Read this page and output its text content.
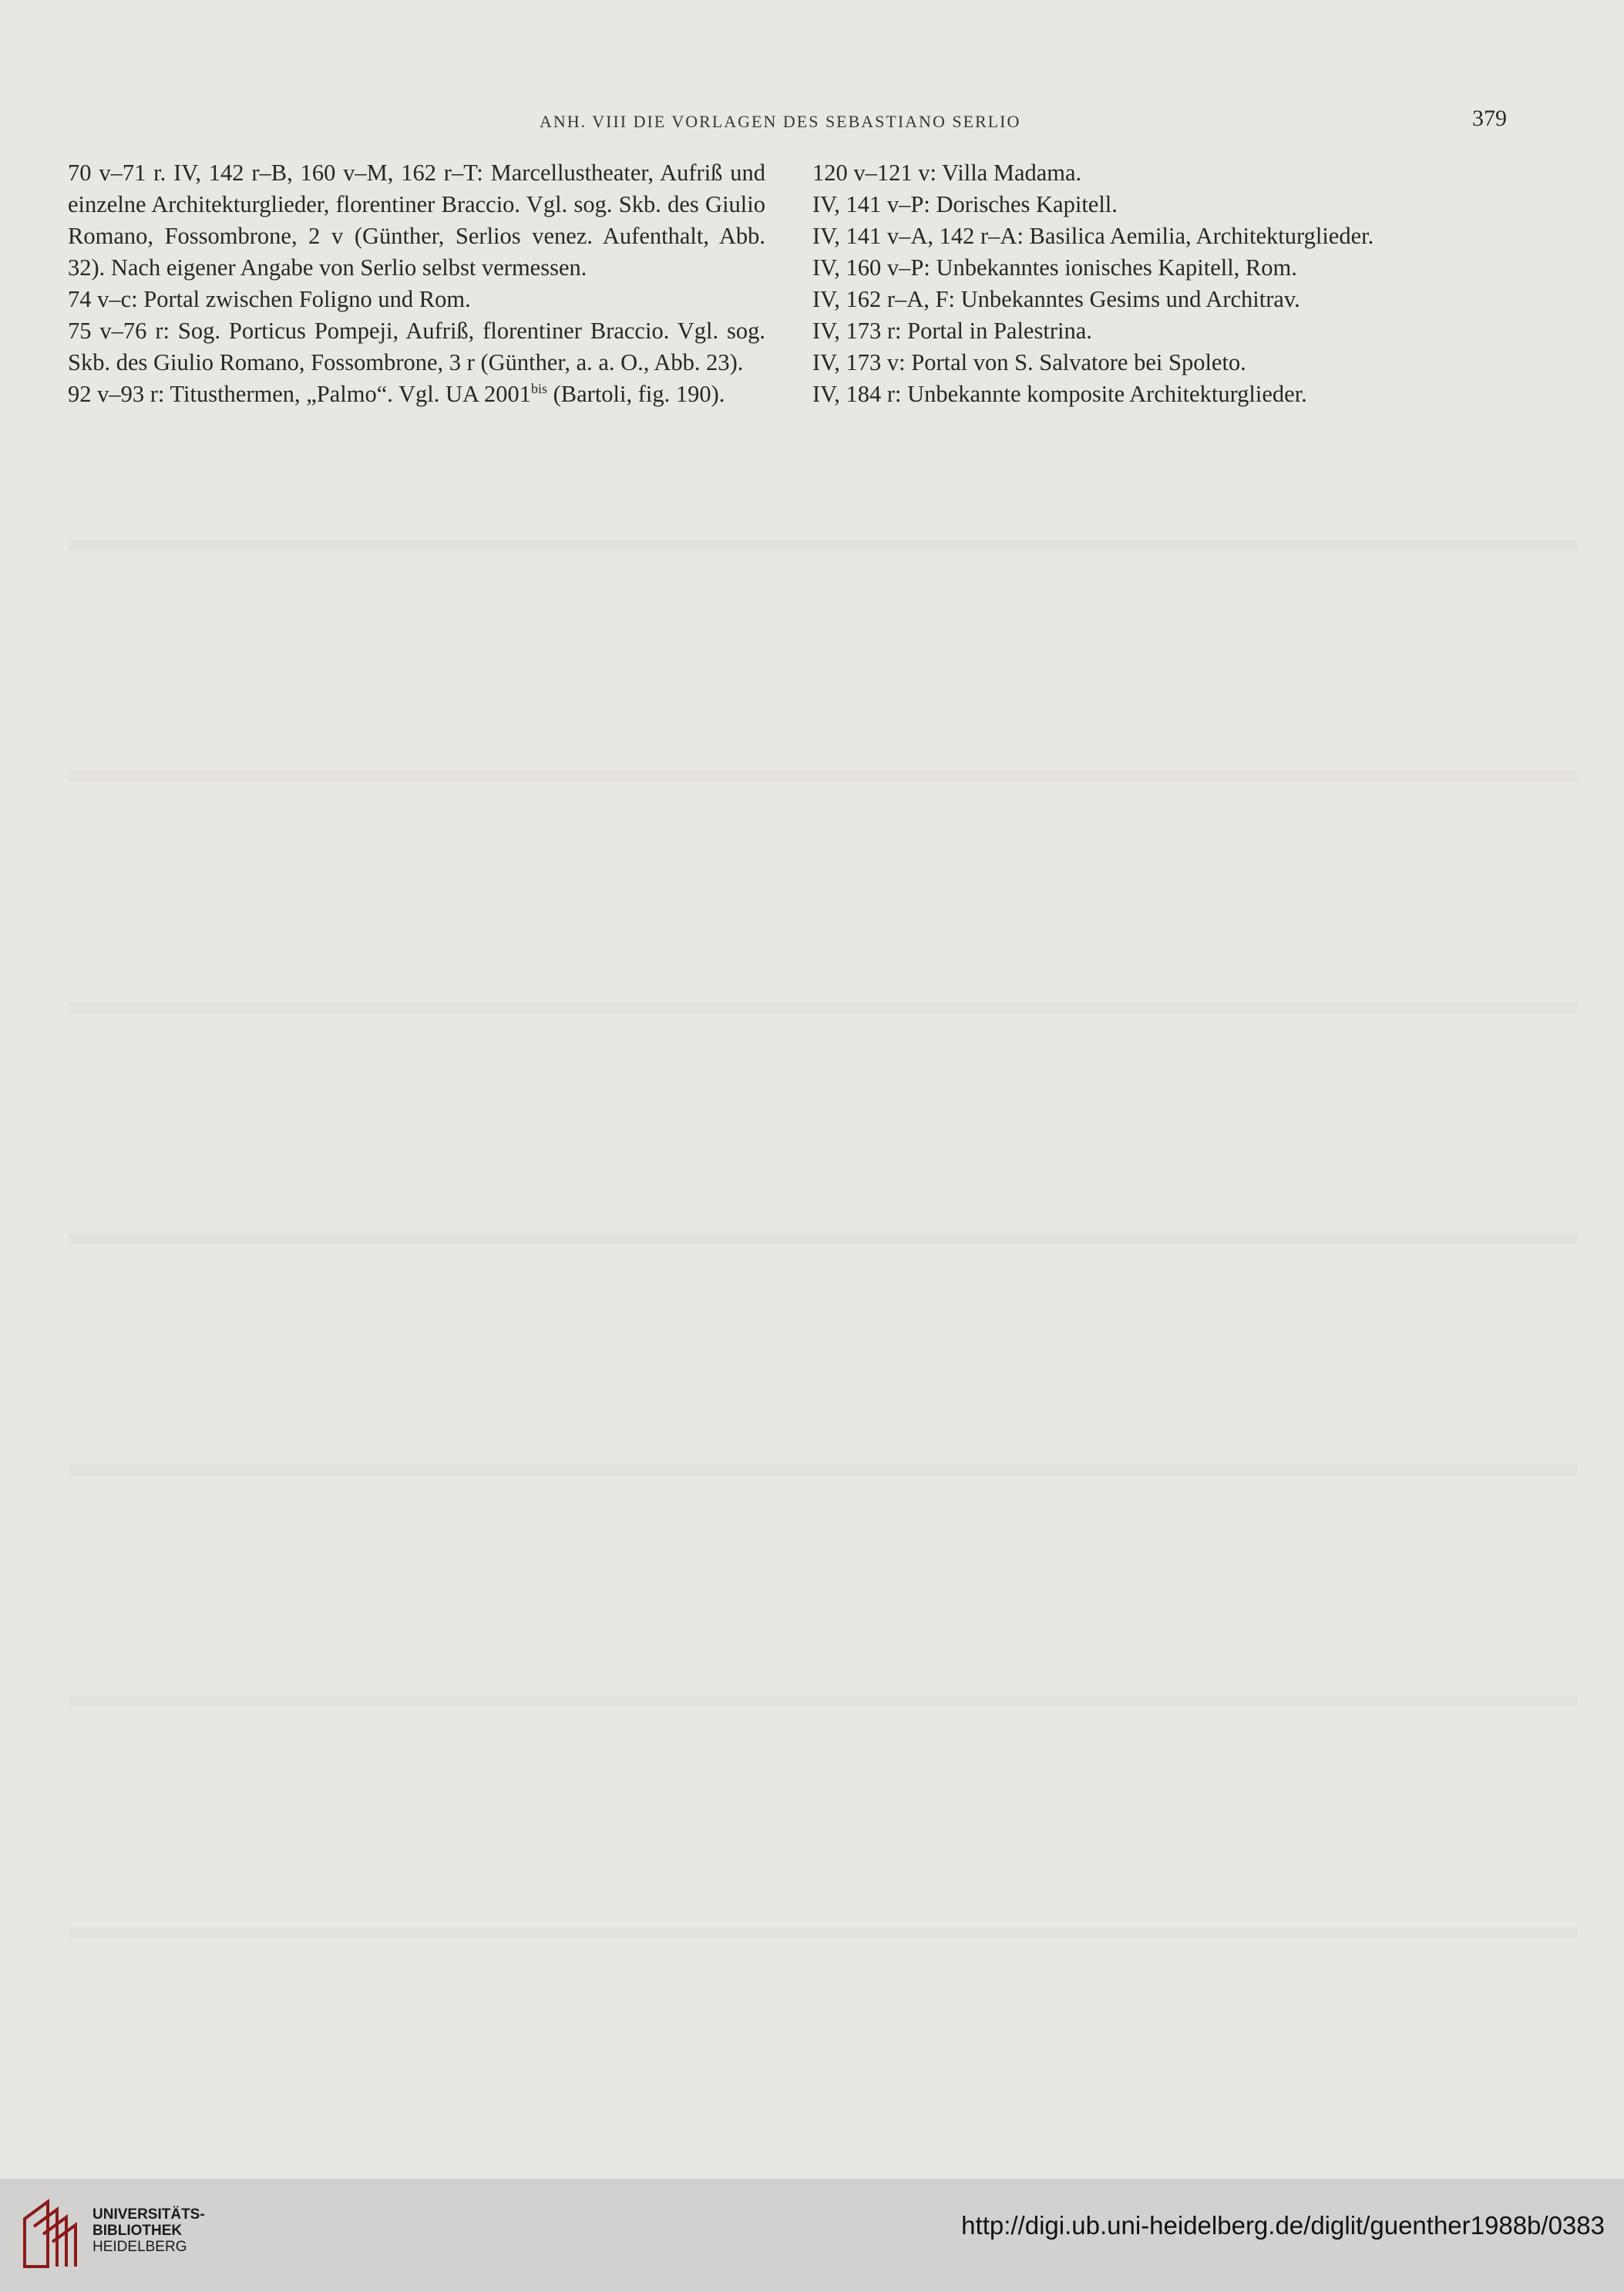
ANH. VIII DIE VORLAGEN DES SEBASTIANO SERLIO	379

70 v–71 r. IV, 142 r–B, 160 v–M, 162 r–T: Marcellustheater, Aufriß und einzelne Architekturglieder, florentiner Braccio. Vgl. sog. Skb. des Giulio Romano, Fossombrone, 2 v (Günther, Serlios venez. Aufenthalt, Abb. 32). Nach eigener Angabe von Serlio selbst vermessen.

74 v–c: Portal zwischen Foligno und Rom.

75 v–76 r: Sog. Porticus Pompeji, Aufriß, florentiner Braccio. Vgl. sog. Skb. des Giulio Romano, Fossombrone, 3 r (Günther, a. a. O., Abb. 23).

92 v–93 r: Titusthermen, „Palmo“. Vgl. UA $2001^{bis}$ (Bartoli, fig. 190).

120 v–121 v: Villa Madama.

IV, 141 v–P: Dorisches Kapitell.

IV, 141 v–A, 142 r–A: Basilica Aemilia, Architekturglieder.

IV, 160 v–P: Unbekanntes ionisches Kapitell, Rom.

IV, 162 r–A, F: Unbekanntes Gesims und Architrav.

IV, 173 r: Portal in Palestrina.

IV, 173 v: Portal von S. Salvatore bei Spoleto.

IV, 184 r: Unbekannte komposite Architekturglieder.

UNIVERSITÄTS-
BIBLIOTHEK
HEIDELBERG
http://digi.ub.uni-heidelberg.de/diglit/guenther1988b/0383
